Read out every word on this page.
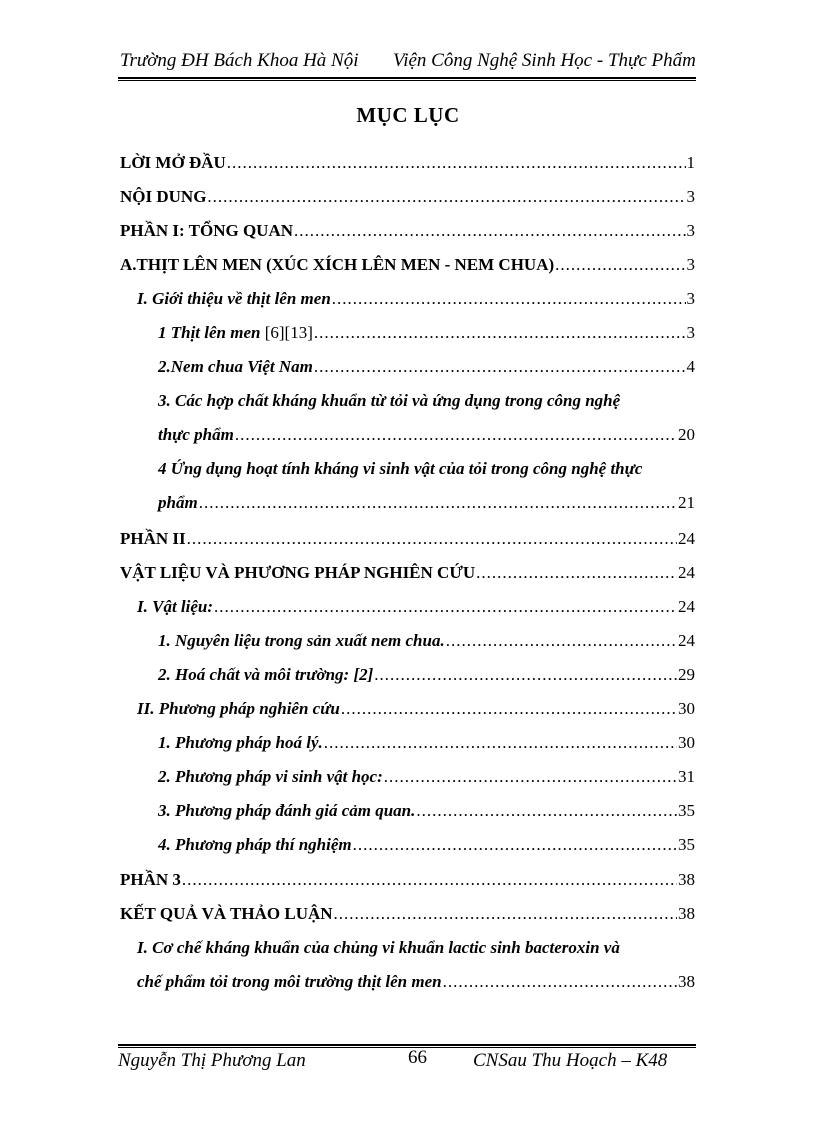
Trường ĐH Bách Khoa Hà Nội Viện Công Nghệ Sinh Học - Thực Phẩm
MỤC LỤC
LỜI MỞ ĐẦU .....	1
NỘI DUNG .....	3
PHẦN I: TỔNG QUAN .....	3
A.THỊT LÊN MEN (XÚC XÍCH LÊN MEN - NEM CHUA) .....	3
I. Giới thiệu về thịt lên men .....	3
1 Thịt lên men [6][13] .....	3
2.Nem chua Việt Nam .....	4
3. Các hợp chất kháng khuẩn từ tỏi và ứng dụng trong công nghệ
thực phẩm .....	20
4 Ứng dụng hoạt tính kháng vi sinh vật của tỏi trong công nghệ thực
phẩm .....	21
PHẦN II .....	24
VẬT LIỆU VÀ PHƯƠNG PHÁP NGHIÊN CỨU .....	24
I. Vật liệu: .....	24
1. Nguyên liệu trong sản xuất nem chua. .....	24
2. Hoá chất và môi trường: [2] .....	29
II. Phương pháp nghiên cứu .....	30
1. Phương pháp hoá lý. .....	30
2. Phương pháp vi sinh vật học: .....	31
3. Phương pháp đánh giá cảm quan. .....	35
4. Phương pháp thí nghiệm .....	35
PHẦN 3 .....	38
KẾT QUẢ VÀ THẢO LUẬN .....	38
I. Cơ chế kháng khuẩn của chủng vi khuẩn lactic sinh bacteroxin và
chế phẩm tỏi trong môi trường thịt lên men .....	38
Nguyễn Thị Phương Lan	66 CNSau Thu Hoạch – K48
